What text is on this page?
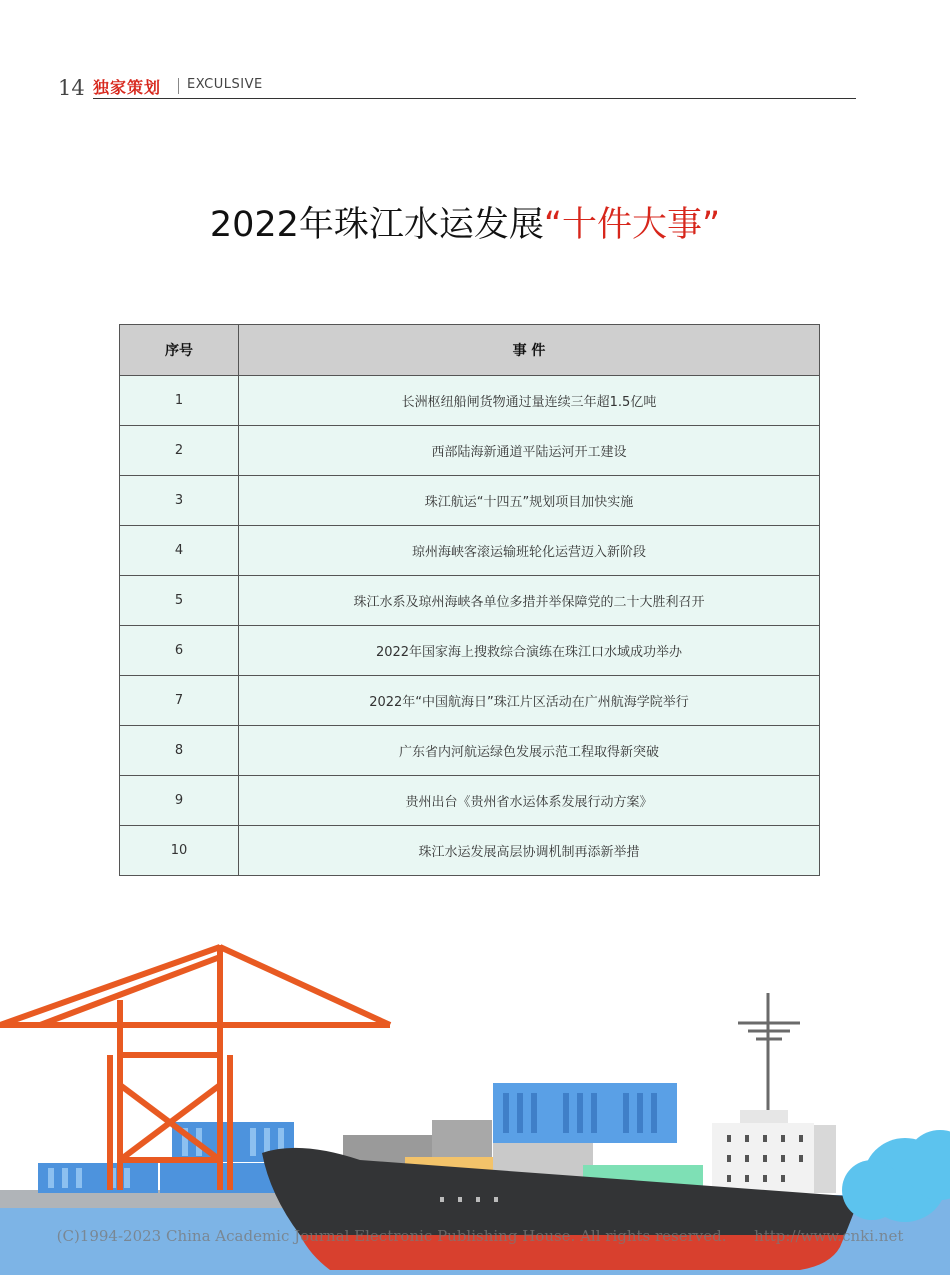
14 独家策划 EXCULSIVE
2022年珠江水运发展“十件大事”
序号	事 件
1	长洲枢纽船闸货物通过量连续三年超1.5亿吨
2	西部陆海新通道平陆运河开工建设
3	珠江航运“十四五”规划项目加快实施
4	琼州海峡客滚运输班轮化运营迈入新阶段
5	珠江水系及琼州海峡各单位多措并举保障党的二十大胜利召开
6	2022年国家海上搜救综合演练在珠江口水域成功举办
7	2022年“中国航海日”珠江片区活动在广州航海学院举行
8	广东省内河航运绿色发展示范工程取得新突破
9	贵州出台《贵州省水运体系发展行动方案》
10	珠江水运发展高层协调机制再添新举措
(C)1994-2023 China Academic Journal Electronic Publishing House. All rights reserved. http://www.cnki.net
